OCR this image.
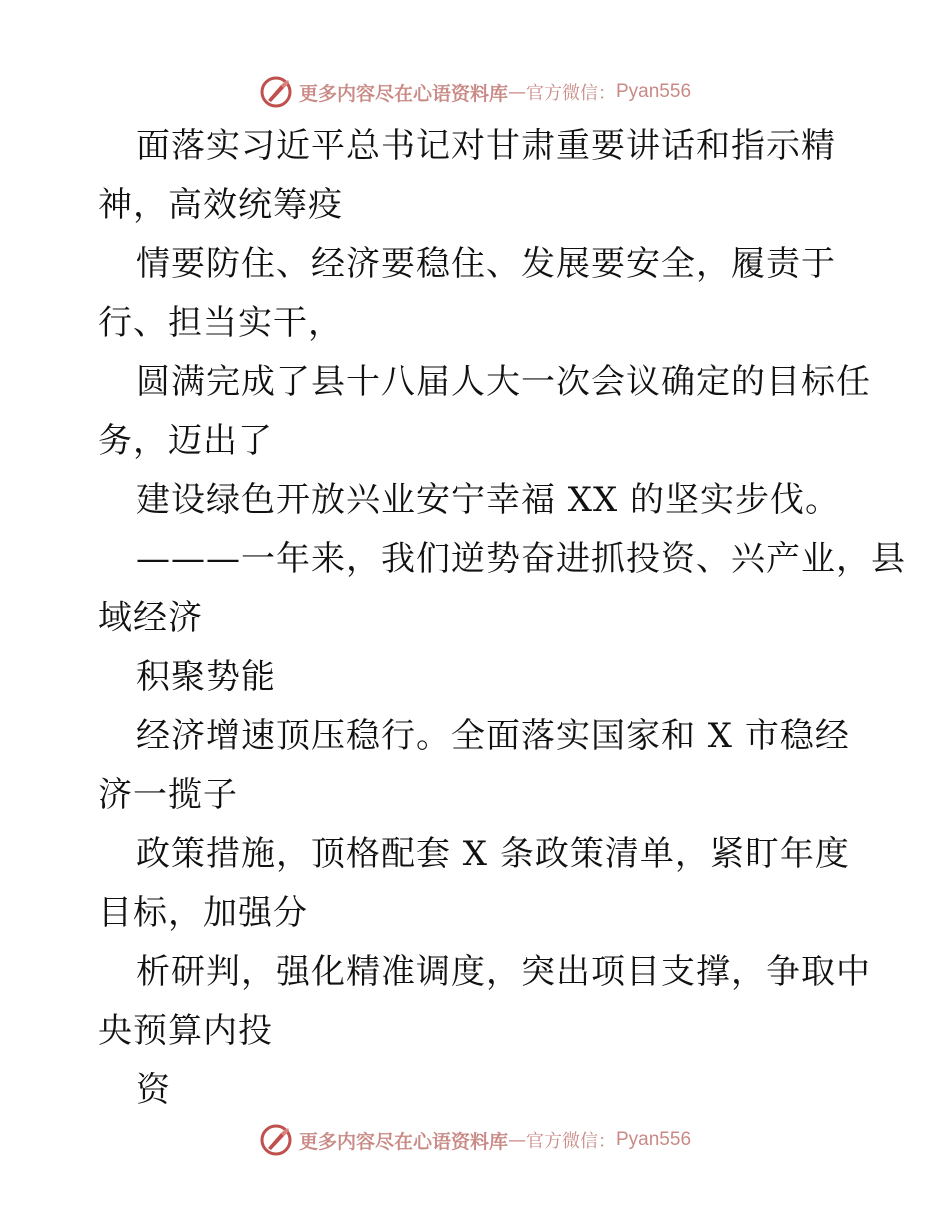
更多内容尽在心语资料库 — 官方微信： Pyan556
面落实习近平总书记对甘肃重要讲话和指示精
神，高效统筹疫
情要防住、经济要稳住、发展要安全，履责于
行、担当实干，
圆满完成了县十八届人大一次会议确定的目标任
务，迈出了
建设绿色开放兴业安宁幸福 XX 的坚实步伐。
———一年来，我们逆势奋进抓投资、兴产业，县
域经济
积聚势能
经济增速顶压稳行。全面落实国家和 X 市稳经
济一揽子
政策措施，顶格配套 X 条政策清单，紧盯年度
目标，加强分
析研判，强化精准调度，突出项目支撑，争取中
央预算内投
资
更多内容尽在心语资料库 — 官方微信： Pyan556
